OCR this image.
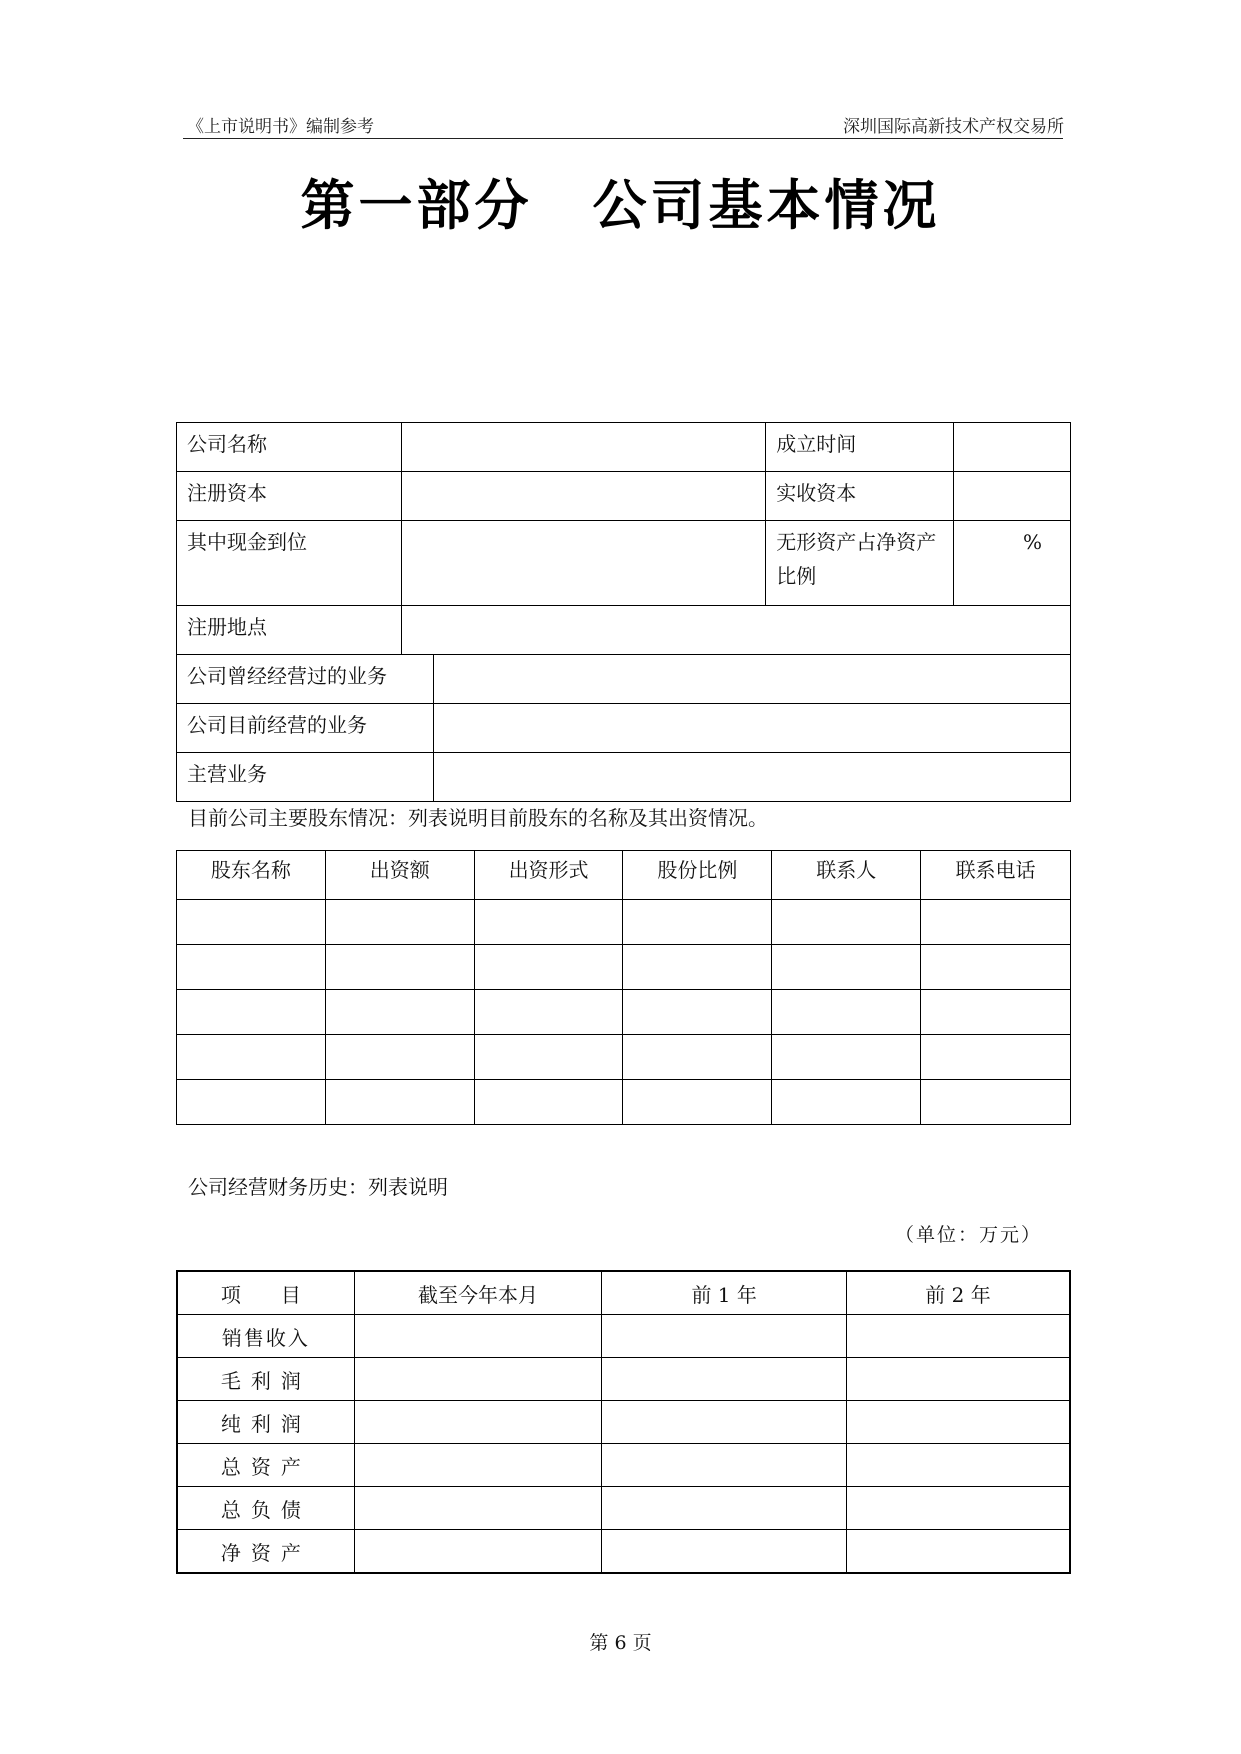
《上市说明书》编制参考	深圳国际高新技术产权交易所
第一部分 公司基本情况
公司名称			成立时间	

注册资本			实收资本	

其中现金到位			无形资产占净资产比例	%

注册地点				

公司曾经经营过的业务				

公司目前经营的业务				

主营业务				

目前公司主要股东情况：列表说明目前股东的名称及其出资情况。
股东名称	出资额	出资形式	股份比例	联系人	联系电话

公司经营财务历史：列表说明
（单位：万元）
项　目	截至今年本月	前 1 年	前 2 年
销售收入			
毛利润			
纯利润			
总资产			
总负债			
净资产			
第 6 页
